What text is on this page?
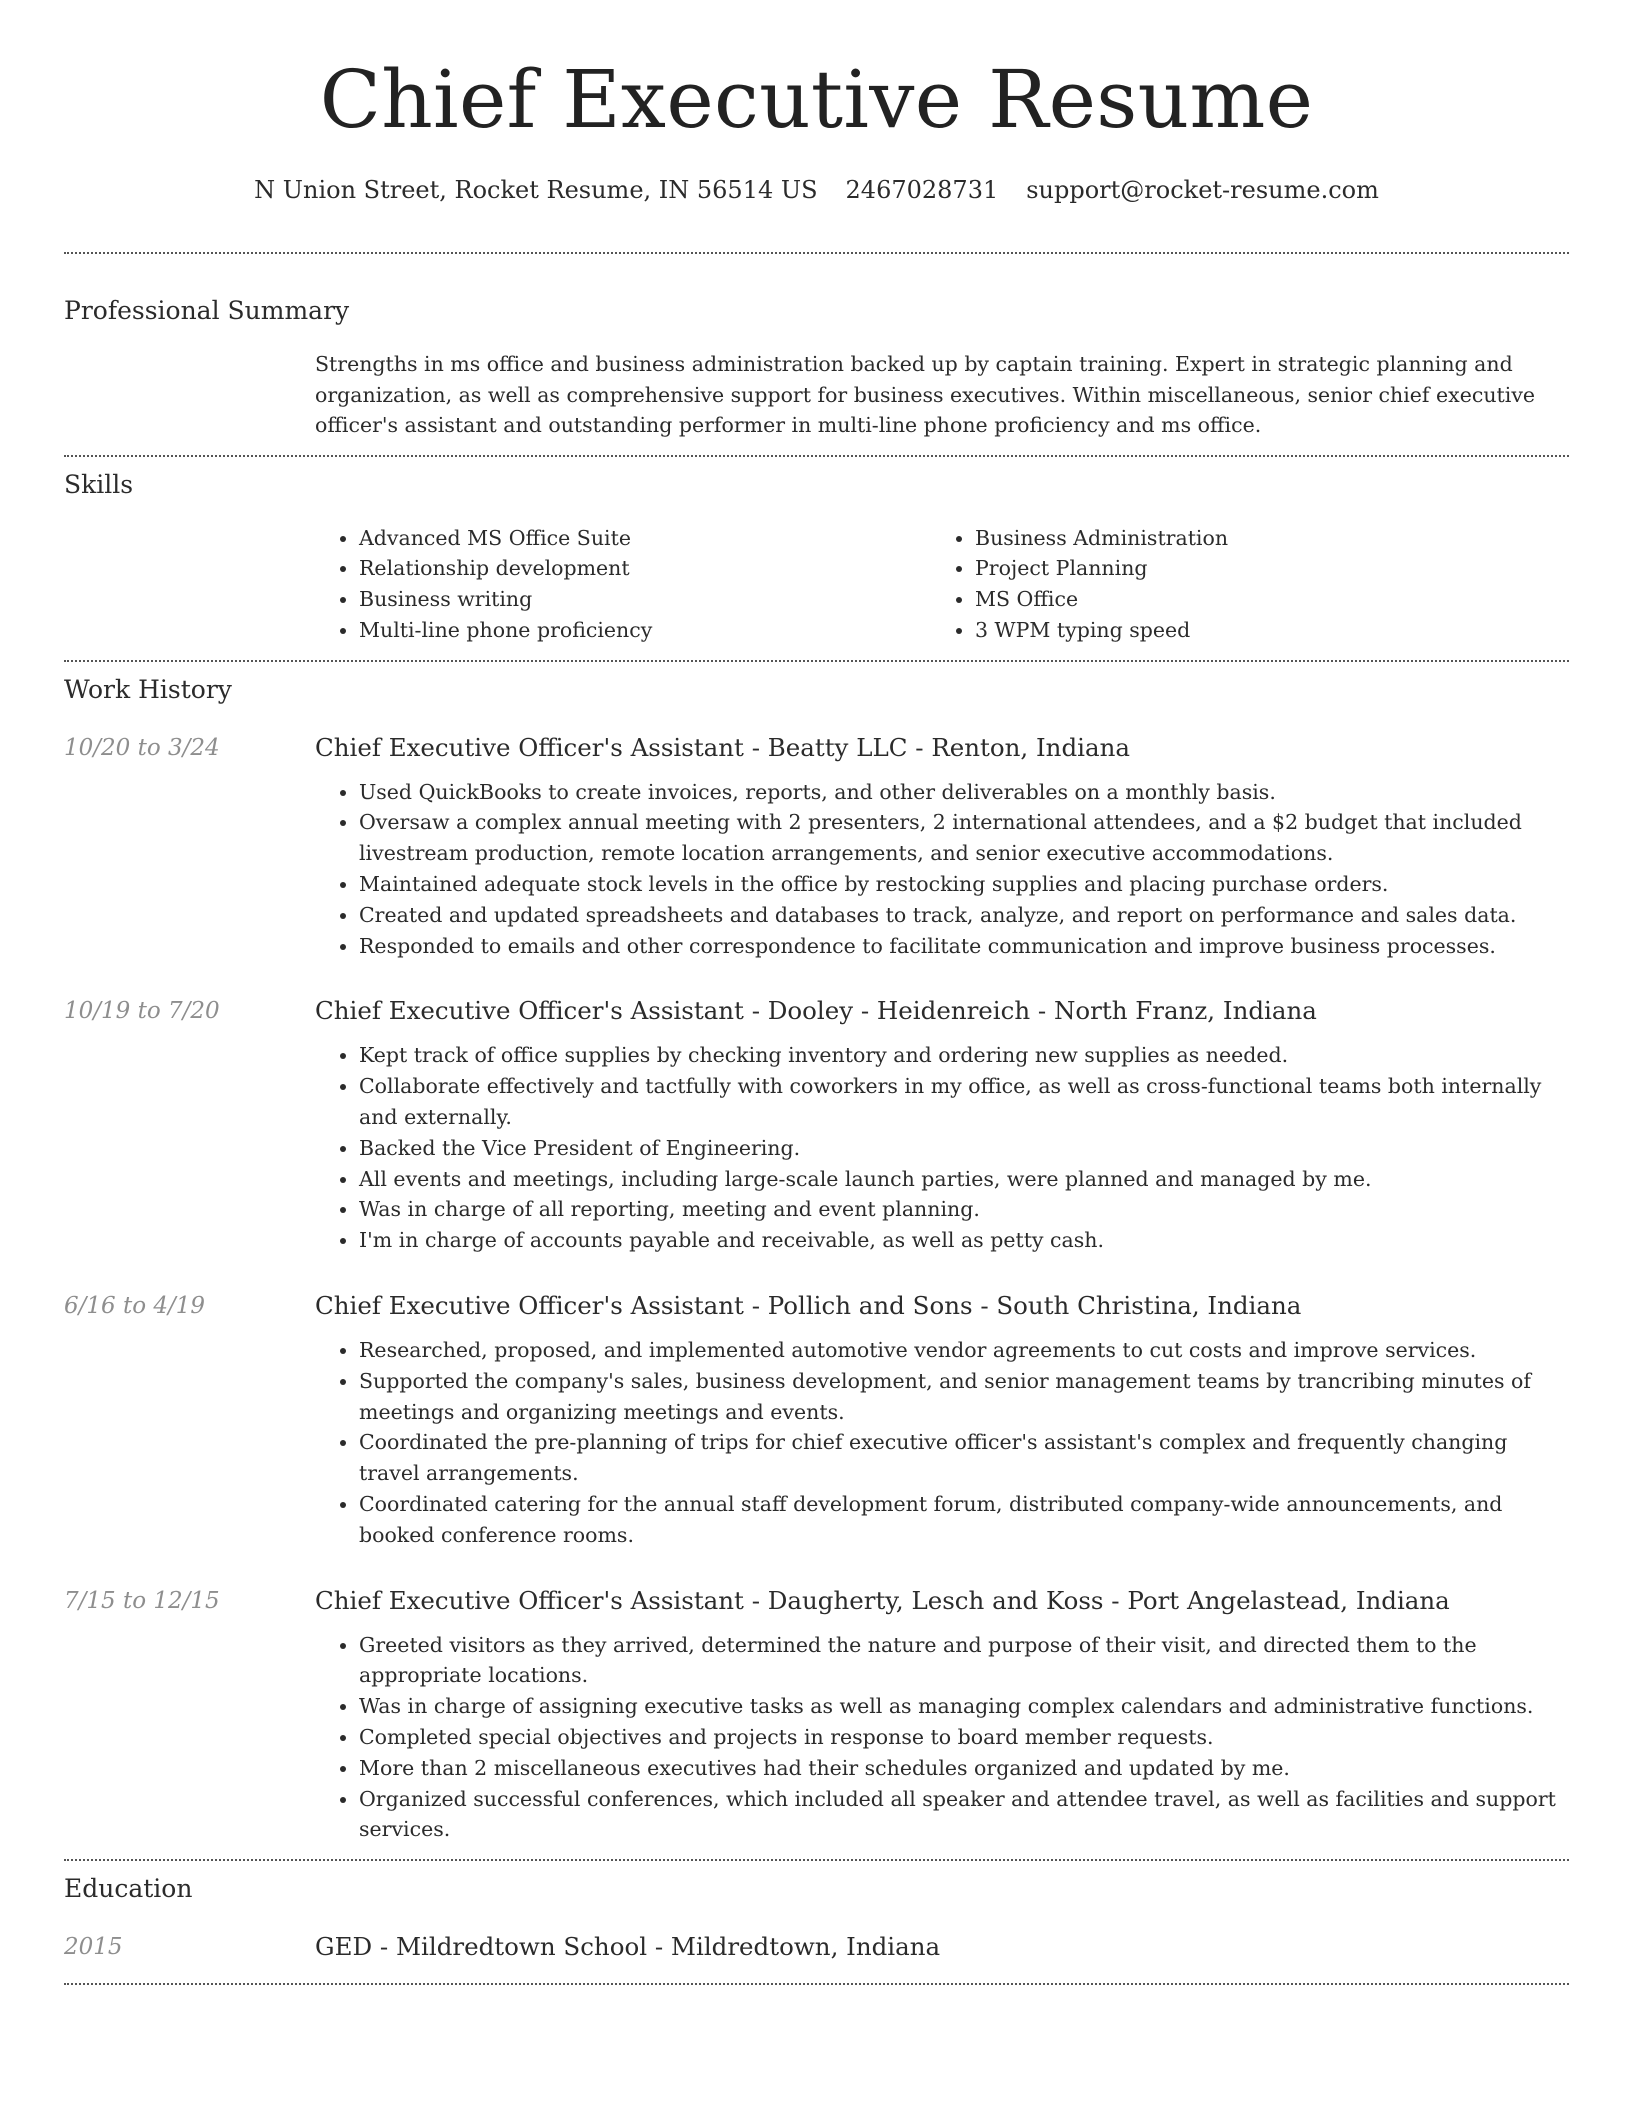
Chief Executive Resume
N Union Street, Rocket Resume, IN 56514 US 2467028731 support@rocket-resume.com
Professional Summary
Strengths in ms office and business administration backed up by captain training. Expert in strategic planning and organization, as well as comprehensive support for business executives. Within miscellaneous, senior chief executive officer's assistant and outstanding performer in multi-line phone proficiency and ms office.
Skills
• Advanced MS Office Suite
• Relationship development
• Business writing
• Multi-line phone proficiency
• Business Administration
• Project Planning
• MS Office
• 3 WPM typing speed
Work History
10/20 to 3/24	Chief Executive Officer's Assistant - Beatty LLC - Renton, Indiana
• Used QuickBooks to create invoices, reports, and other deliverables on a monthly basis.
• Oversaw a complex annual meeting with 2 presenters, 2 international attendees, and a $2 budget that included livestream production, remote location arrangements, and senior executive accommodations.
• Maintained adequate stock levels in the office by restocking supplies and placing purchase orders.
• Created and updated spreadsheets and databases to track, analyze, and report on performance and sales data.
• Responded to emails and other correspondence to facilitate communication and improve business processes.
10/19 to 7/20	Chief Executive Officer's Assistant - Dooley - Heidenreich - North Franz, Indiana
• Kept track of office supplies by checking inventory and ordering new supplies as needed.
• Collaborate effectively and tactfully with coworkers in my office, as well as cross-functional teams both internally and externally.
• Backed the Vice President of Engineering.
• All events and meetings, including large-scale launch parties, were planned and managed by me.
• Was in charge of all reporting, meeting and event planning.
• I'm in charge of accounts payable and receivable, as well as petty cash.
6/16 to 4/19	Chief Executive Officer's Assistant - Pollich and Sons - South Christina, Indiana
• Researched, proposed, and implemented automotive vendor agreements to cut costs and improve services.
• Supported the company's sales, business development, and senior management teams by trancribing minutes of meetings and organizing meetings and events.
• Coordinated the pre-planning of trips for chief executive officer's assistant's complex and frequently changing travel arrangements.
• Coordinated catering for the annual staff development forum, distributed company-wide announcements, and booked conference rooms.
7/15 to 12/15	Chief Executive Officer's Assistant - Daugherty, Lesch and Koss - Port Angelastead, Indiana
• Greeted visitors as they arrived, determined the nature and purpose of their visit, and directed them to the appropriate locations.
• Was in charge of assigning executive tasks as well as managing complex calendars and administrative functions.
• Completed special objectives and projects in response to board member requests.
• More than 2 miscellaneous executives had their schedules organized and updated by me.
• Organized successful conferences, which included all speaker and attendee travel, as well as facilities and support services.
Education
2015	GED - Mildredtown School - Mildredtown, Indiana
